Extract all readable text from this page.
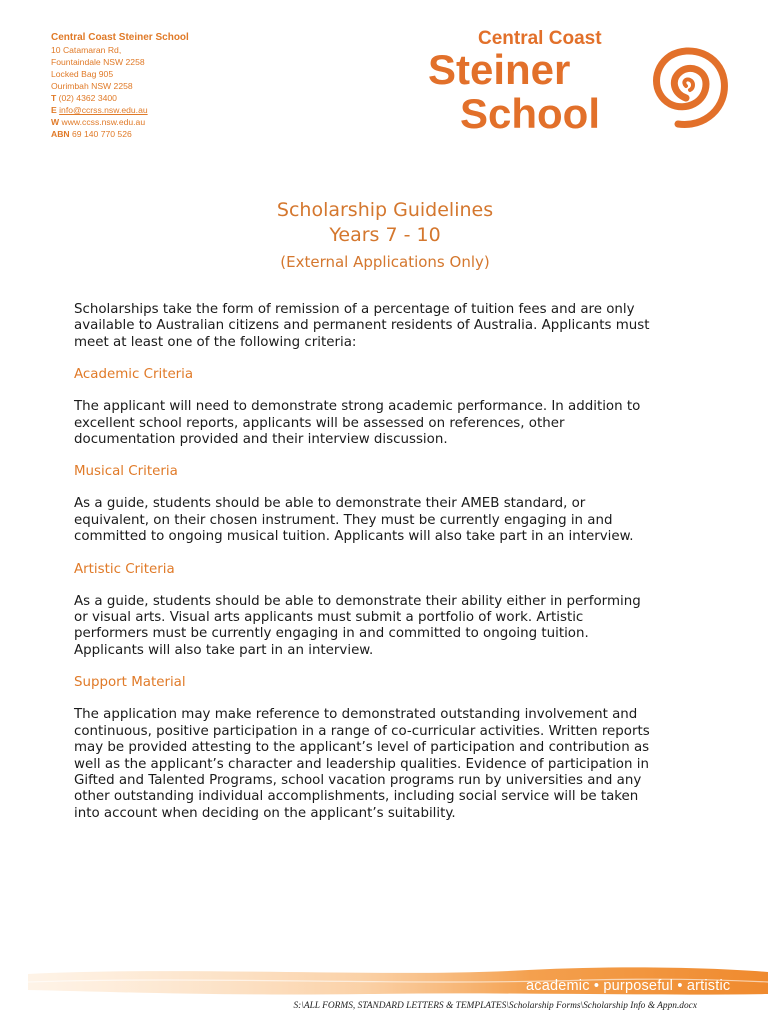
Central Coast Steiner School
10 Catamaran Rd,
Fountaindale NSW 2258
Locked Bag 905
Ourimbah NSW 2258
T (02) 4362 3400
E info@ccrss.nsw.edu.au
W www.ccss.nsw.edu.au
ABN 69 140 770 526
Central Coast
Steiner
School
Scholarship Guidelines
Years 7 - 10
(External Applications Only)

Scholarships take the form of remission of a percentage of tuition fees and are only
available to Australian citizens and permanent residents of Australia. Applicants must
meet at least one of the following criteria:

Academic Criteria

The applicant will need to demonstrate strong academic performance. In addition to
excellent school reports, applicants will be assessed on references, other
documentation provided and their interview discussion.

Musical Criteria

As a guide, students should be able to demonstrate their AMEB standard, or
equivalent, on their chosen instrument. They must be currently engaging in and
committed to ongoing musical tuition. Applicants will also take part in an interview.

Artistic Criteria

As a guide, students should be able to demonstrate their ability either in performing
or visual arts. Visual arts applicants must submit a portfolio of work. Artistic
performers must be currently engaging in and committed to ongoing tuition.
Applicants will also take part in an interview.

Support Material

The application may make reference to demonstrated outstanding involvement and
continuous, positive participation in a range of co-curricular activities. Written reports
may be provided attesting to the applicant’s level of participation and contribution as
well as the applicant’s character and leadership qualities. Evidence of participation in
Gifted and Talented Programs, school vacation programs run by universities and any
other outstanding individual accomplishments, including social service will be taken
into account when deciding on the applicant’s suitability.

academic • purposeful • artistic
S:\ALL FORMS, STANDARD LETTERS & TEMPLATES\Scholarship Forms\Scholarship Info & Appn.docx
